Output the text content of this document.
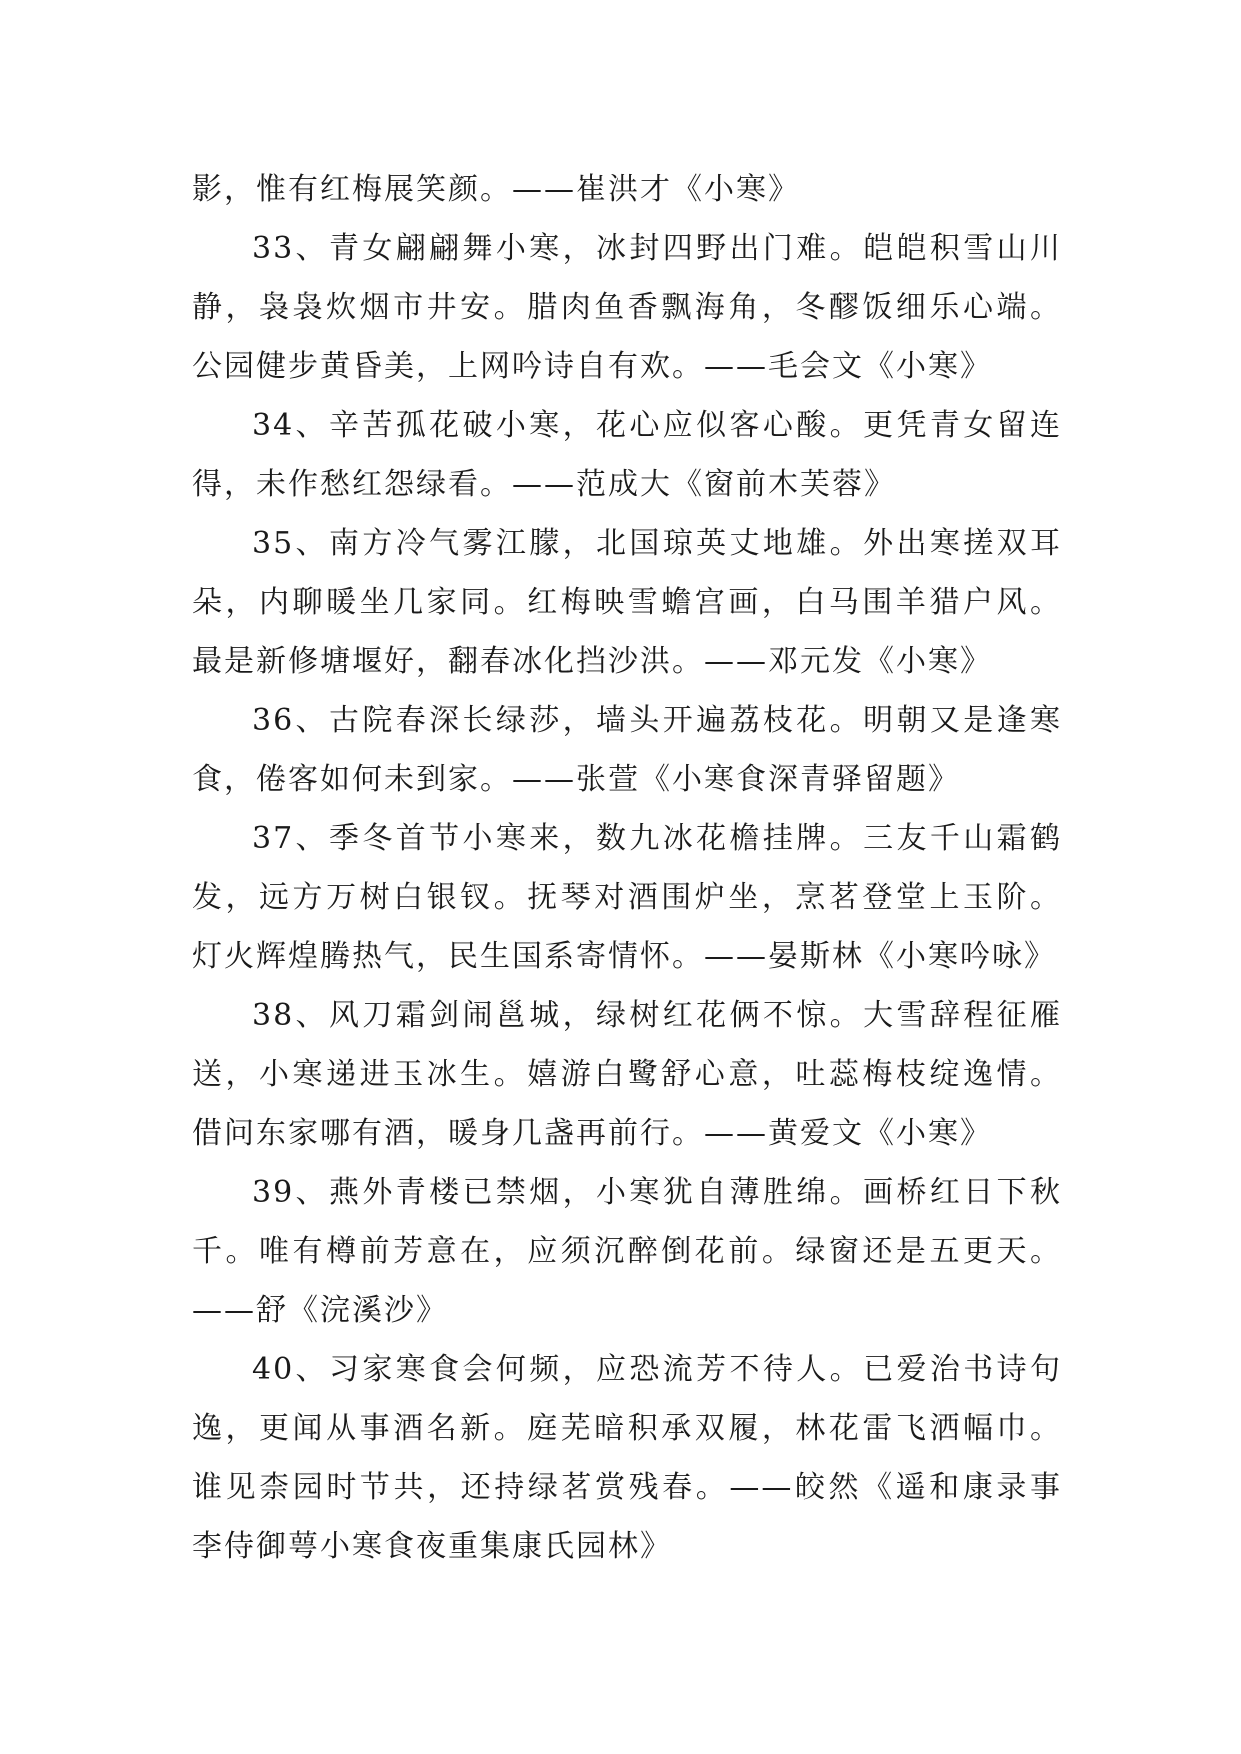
影，惟有红梅展笑颜。——崔洪才《小寒》
33、青女翩翩舞小寒，冰封四野出门难。皑皑积雪山川
静，袅袅炊烟市井安。腊肉鱼香飘海角，冬醪饭细乐心端。
公园健步黄昏美，上网吟诗自有欢。——毛会文《小寒》
34、辛苦孤花破小寒，花心应似客心酸。更凭青女留连
得，未作愁红怨绿看。——范成大《窗前木芙蓉》
35、南方冷气雾江朦，北国琼英丈地雄。外出寒搓双耳
朵，内聊暖坐几家同。红梅映雪蟾宫画，白马围羊猎户风。
最是新修塘堰好，翻春冰化挡沙洪。——邓元发《小寒》
36、古院春深长绿莎，墙头开遍荔枝花。明朝又是逢寒
食，倦客如何未到家。——张萱《小寒食深青驿留题》
37、季冬首节小寒来，数九冰花檐挂牌。三友千山霜鹤
发，远方万树白银钗。抚琴对酒围炉坐，烹茗登堂上玉阶。
灯火辉煌腾热气，民生国系寄情怀。——晏斯林《小寒吟咏》
38、风刀霜剑闹邕城，绿树红花俩不惊。大雪辞程征雁
送，小寒递进玉冰生。嬉游白鹭舒心意，吐蕊梅枝绽逸情。
借问东家哪有酒，暖身几盏再前行。——黄爱文《小寒》
39、燕外青楼已禁烟，小寒犹自薄胜绵。画桥红日下秋
千。唯有樽前芳意在，应须沉醉倒花前。绿窗还是五更天。
——舒《浣溪沙》
40、习家寒食会何频，应恐流芳不待人。已爱治书诗句
逸，更闻从事酒名新。庭芜暗积承双履，林花雷飞洒幅巾。
谁见柰园时节共，还持绿茗赏残春。——皎然《遥和康录事
李侍御萼小寒食夜重集康氏园林》
